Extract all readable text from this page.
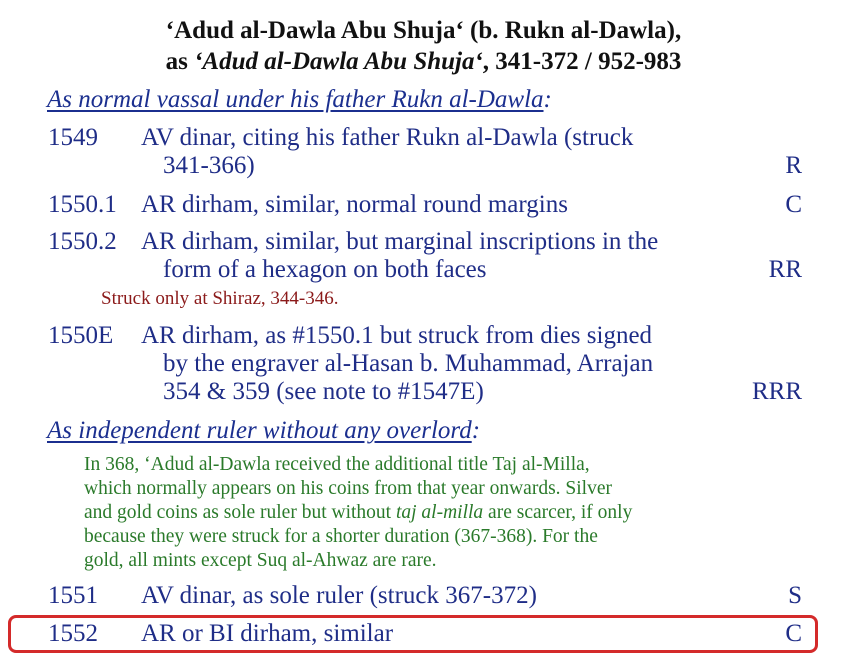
‘Adud al-Dawla Abu Shuja‘ (b. Rukn al-Dawla),
as ‘Adud al-Dawla Abu Shuja‘, 341-372 / 952-983
As normal vassal under his father Rukn al-Dawla:
1549 AV dinar, citing his father Rukn al-Dawla (struck
341-366)	R
1550.1 AR dirham, similar, normal round margins	C
1550.2 AR dirham, similar, but marginal inscriptions in the
form of a hexagon on both faces	RR
Struck only at Shiraz, 344-346.
1550E AR dirham, as #1550.1 but struck from dies signed
by the engraver al-Hasan b. Muhammad, Arrajan
354 & 359 (see note to #1547E)	RRR
As independent ruler without any overlord:
In 368, ‘Adud al-Dawla received the additional title Taj al-Milla,
which normally appears on his coins from that year onwards. Silver
and gold coins as sole ruler but without taj al-milla are scarcer, if only
because they were struck for a shorter duration (367-368). For the
gold, all mints except Suq al-Ahwaz are rare.
1551 AV dinar, as sole ruler (struck 367-372)	S
1552 AR or BI dirham, similar	C
